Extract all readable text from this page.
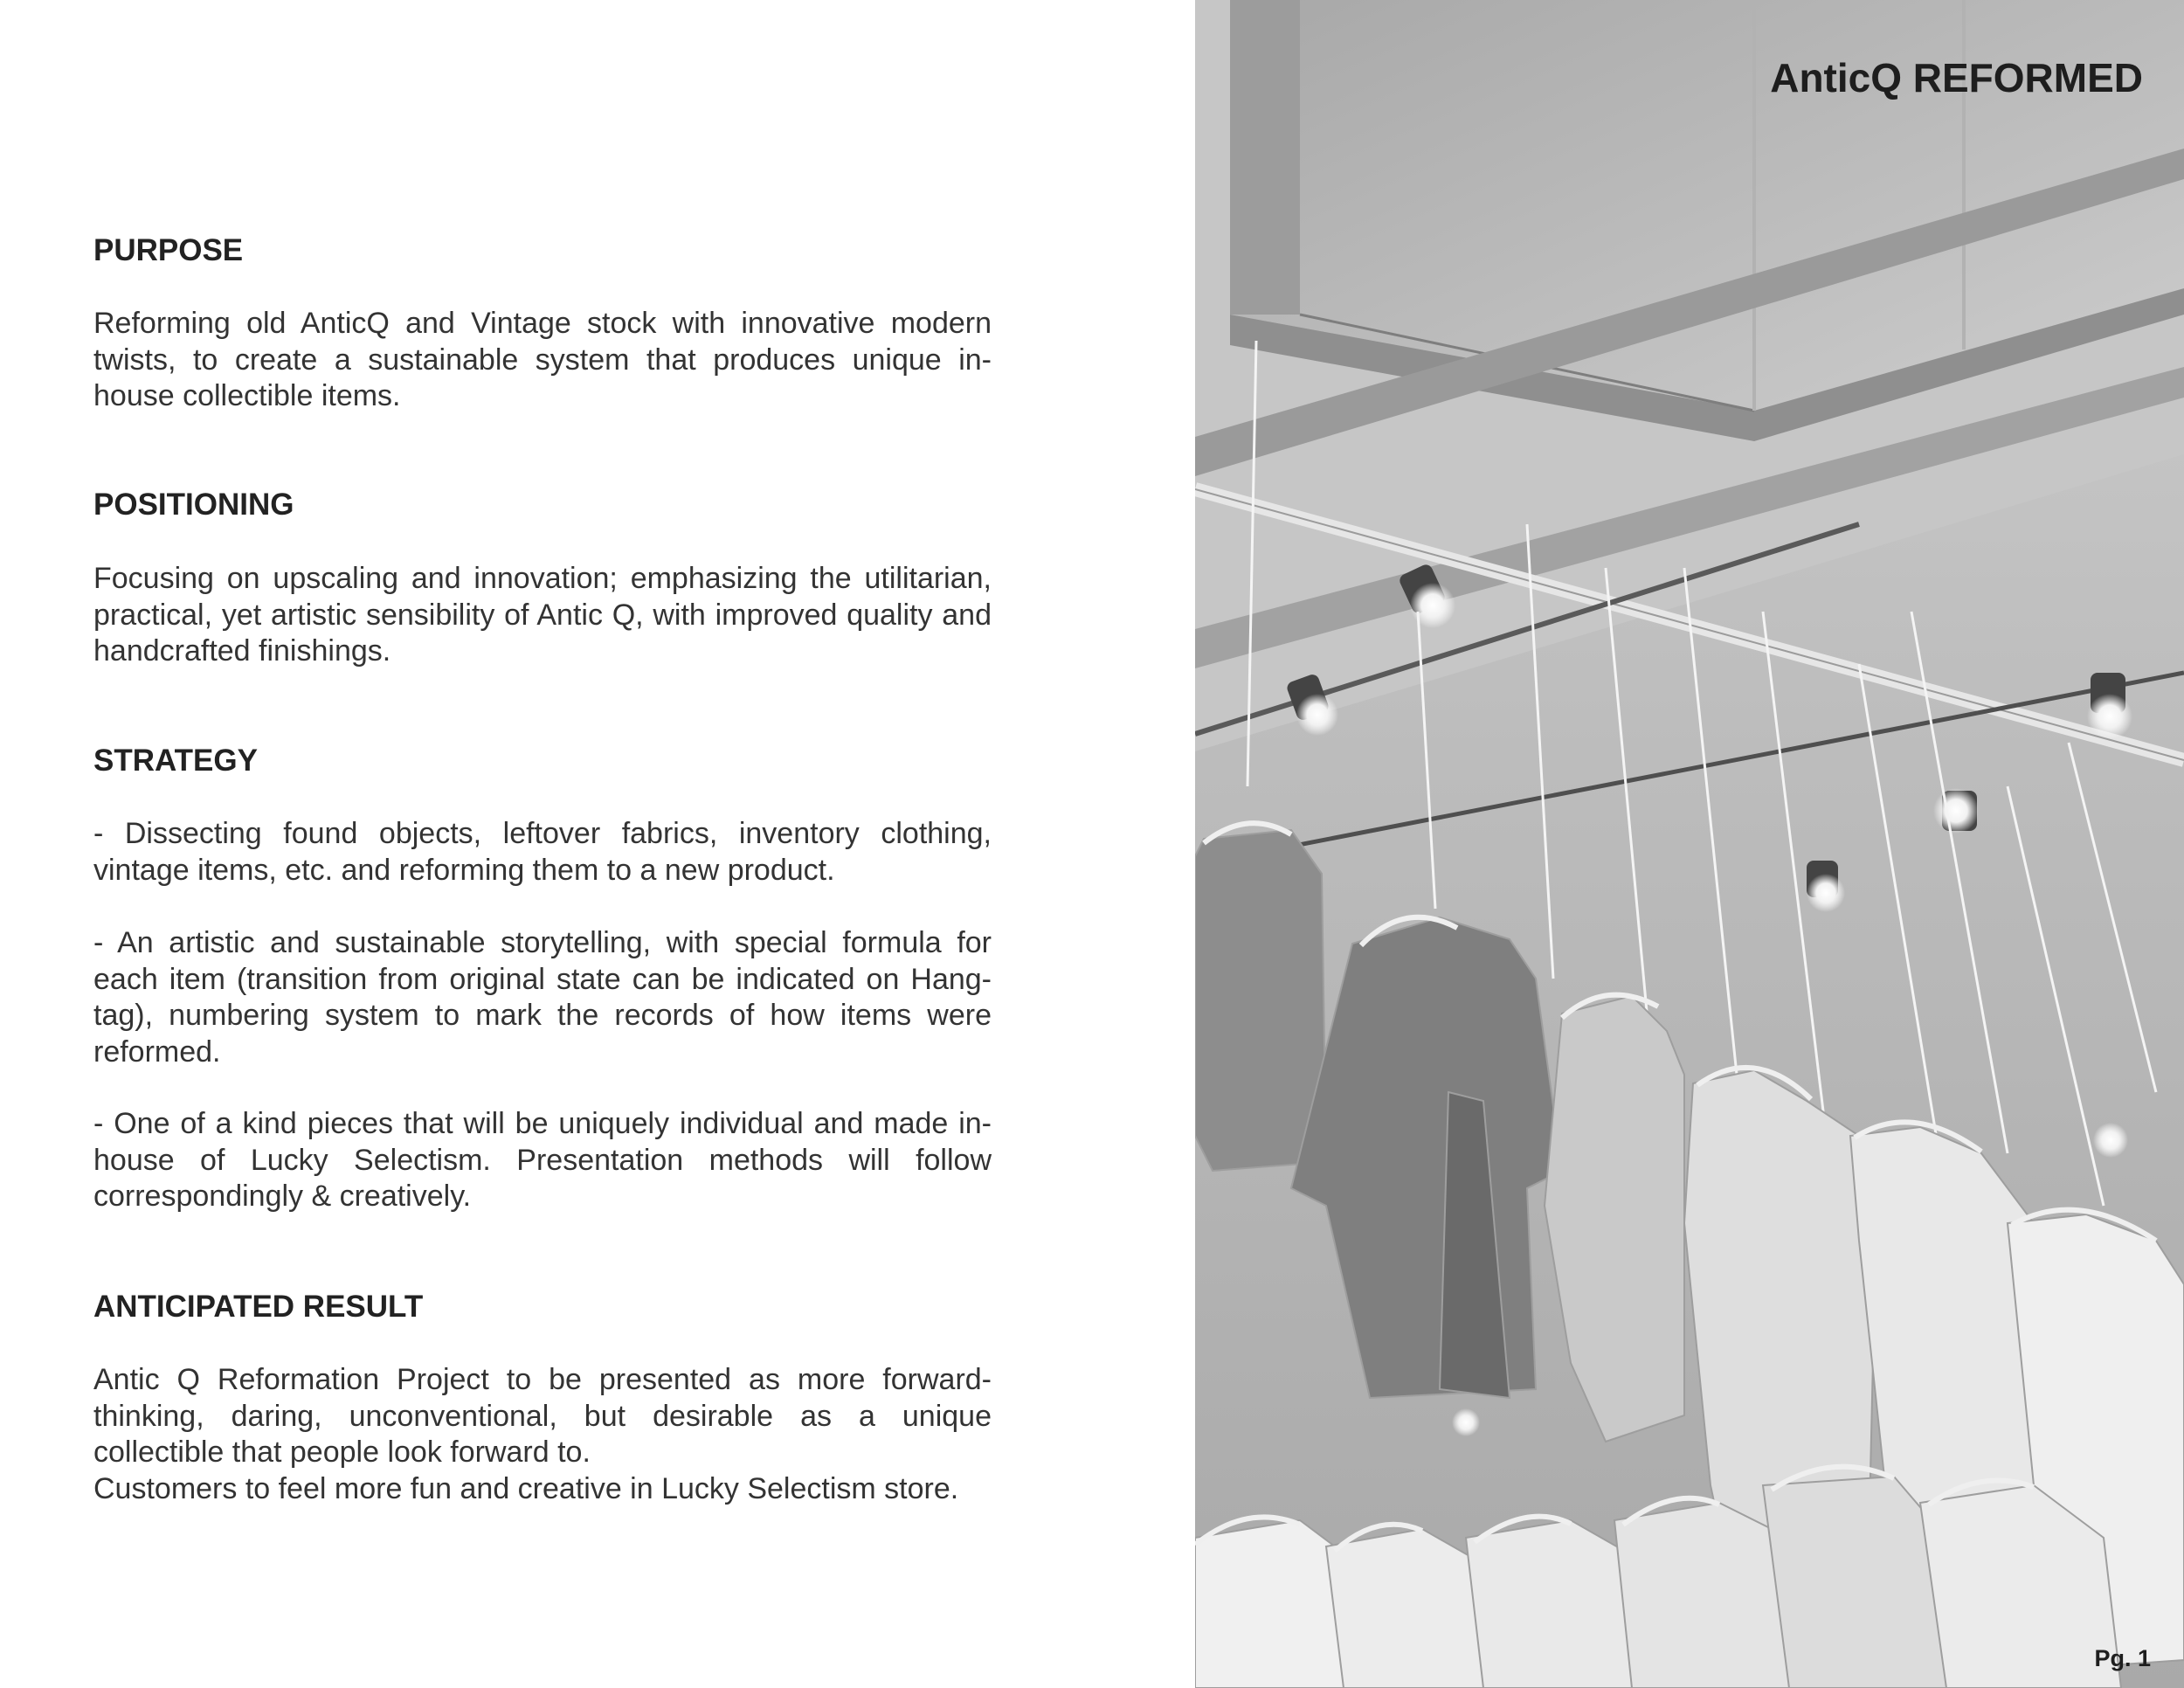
PURPOSE

Reforming old AnticQ and Vintage stock with innovative modern twists, to create a sustainable system that produces unique in-house collectible items.

POSITIONING

Focusing on upscaling and innovation; emphasizing the utilitarian, practical, yet artistic sensibility of Antic Q, with improved quality and handcrafted finishings.

STRATEGY

- Dissecting found objects, leftover fabrics, inventory clothing, vintage items, etc. and reforming them to a new product.

- An artistic and sustainable storytelling, with special formula for each item (transition from original state can be indicated on Hang-tag), numbering system to mark the records of how items were reformed.

- One of a kind pieces that will be uniquely individual and made in-house of Lucky Selectism. Presentation methods will follow correspondingly & creatively.

ANTICIPATED RESULT

Antic Q Reformation Project to be presented as more forward-thinking, daring, unconventional, but desirable as a unique collectible that people look forward to.

Customers to feel more fun and creative in Lucky Selectism store.

AnticQ REFORMED
Pg. 1
